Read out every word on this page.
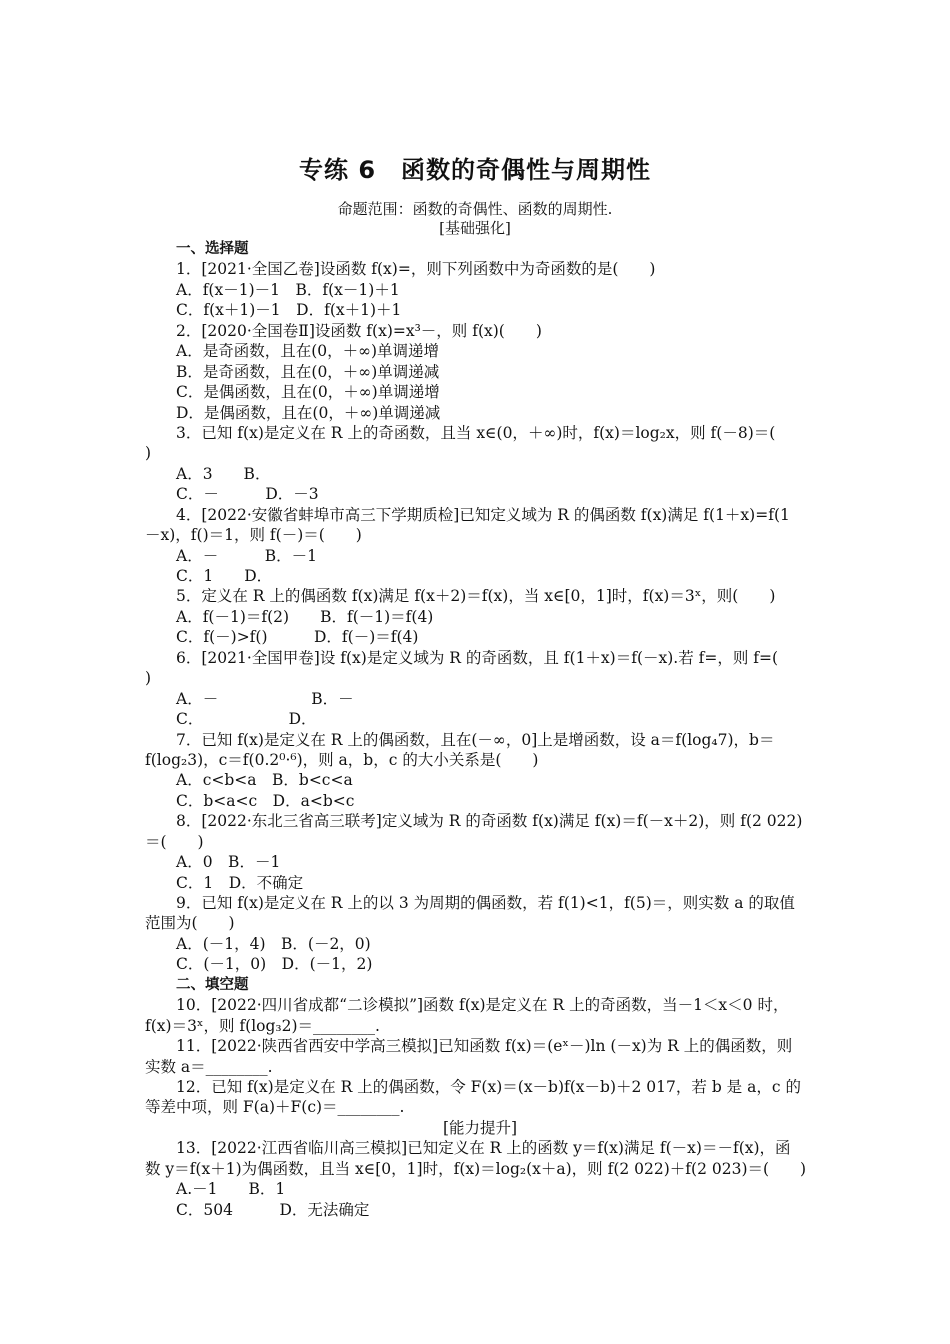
专练 6　函数的奇偶性与周期性
命题范围：函数的奇偶性、函数的周期性.
[基础强化]
一、选择题
1．[2021·全国乙卷]设函数 f(x)=，则下列函数中为奇函数的是(　　)
A．f(x－1)－1　B．f(x－1)＋1
C．f(x＋1)－1　D．f(x＋1)＋1
2．[2020·全国卷Ⅱ]设函数 f(x)=x³－，则 f(x)(　　)
A．是奇函数，且在(0，＋∞)单调递增
B．是奇函数，且在(0，＋∞)单调递减
C．是偶函数，且在(0，＋∞)单调递增
D．是偶函数，且在(0，＋∞)单调递减
3．已知 f(x)是定义在 R 上的奇函数，且当 x∈(0，＋∞)时，f(x)＝log₂x，则 f(－8)＝(
)
A．3　　B．
C．－　　　D．－3
4．[2022·安徽省蚌埠市高三下学期质检]已知定义域为 R 的偶函数 f(x)满足 f(1＋x)=f(1
－x)，f()＝1，则 f(－)＝(　　)
A．－　　　B．－1
C．1　　D．
5．定义在 R 上的偶函数 f(x)满足 f(x＋2)＝f(x)，当 x∈[0，1]时，f(x)＝3ˣ，则(　　)
A．f(－1)＝f(2)　　B．f(－1)＝f(4)
C．f(－)>f()　　　D．f(－)＝f(4)
6．[2021·全国甲卷]设 f(x)是定义域为 R 的奇函数，且 f(1＋x)＝f(－x).若 f=，则 f=(
)
A．－　　　　　　B．－
C．　　　　　　D．
7．已知 f(x)是定义在 R 上的偶函数，且在(－∞，0]上是增函数，设 a＝f(log₄7)，b＝
f(log₂3)，c＝f(0.2⁰·⁶)，则 a，b，c 的大小关系是(　　)
A．c<b<a　B．b<c<a
C．b<a<c　D．a<b<c
8．[2022·东北三省高三联考]定义域为 R 的奇函数 f(x)满足 f(x)＝f(－x＋2)，则 f(2 022)
＝(　　)
A．0　B．－1
C．1　D．不确定
9．已知 f(x)是定义在 R 上的以 3 为周期的偶函数，若 f(1)<1，f(5)＝，则实数 a 的取值
范围为(　　)
A．(－1，4)　B．(－2，0)
C．(－1，0)　D．(－1，2)
二、填空题
10．[2022·四川省成都“二诊模拟”]函数 f(x)是定义在 R 上的奇函数，当－1＜x＜0 时，
f(x)＝3ˣ，则 f(log₃2)＝________.
11．[2022·陕西省西安中学高三模拟]已知函数 f(x)＝(eˣ－)ln (－x)为 R 上的偶函数，则
实数 a＝________.
12．已知 f(x)是定义在 R 上的偶函数，令 F(x)＝(x－b)f(x－b)＋2 017，若 b 是 a，c 的
等差中项，则 F(a)＋F(c)＝________.
[能力提升]
13．[2022·江西省临川高三模拟]已知定义在 R 上的函数 y＝f(x)满足 f(－x)＝－f(x)，函
数 y＝f(x＋1)为偶函数，且当 x∈[0，1]时，f(x)＝log₂(x＋a)，则 f(2 022)＋f(2 023)＝(　　)
A.－1　　B．1
C．504　　　D．无法确定
